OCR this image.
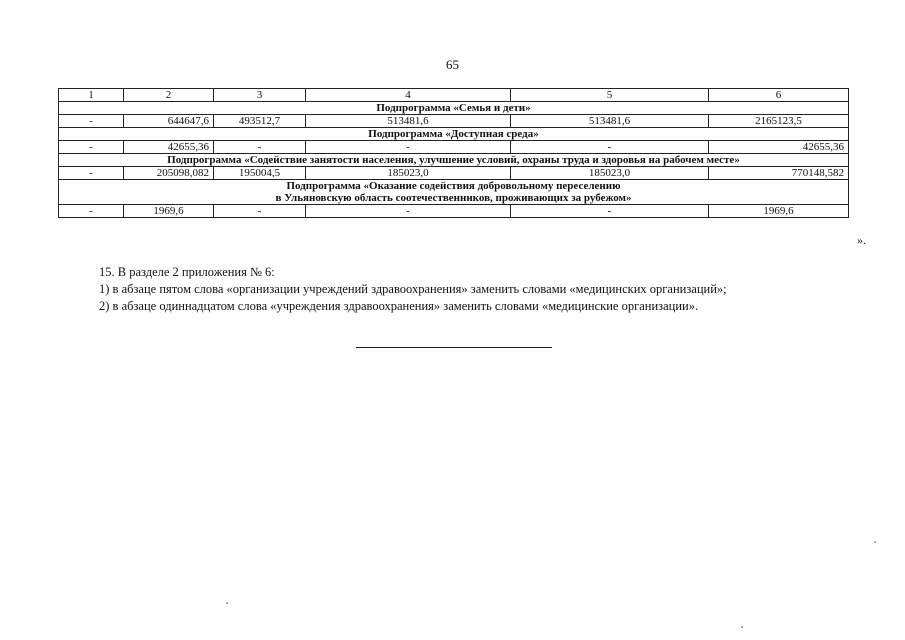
65
1	2	3	4	5	6
Подпрограмма «Семья и дети»					
-	644647,6	493512,7	513481,6	513481,6	2165123,5
Подпрограмма «Доступная среда»					
-	42655,36	-	-	-	42655,36
Подпрограмма «Содействие занятости населения, улучшение условий, охраны труда и здоровья на рабочем месте»					
-	205098,082	195004,5	185023,0	185023,0	770148,582

Подпрограмма «Оказание содействия добровольному переселению
в Ульяновскую область соотечественников, проживающих за рубежом»					

-	1969,6	-	-	-	1969,6
».
15. В разделе 2 приложения № 6:
1) в абзаце пятом слова «организации учреждений здравоохранения» заменить словами «медицинских организаций»;
2) в абзаце одиннадцатом слова «учреждения здравоохранения» заменить словами «медицинские организации».
